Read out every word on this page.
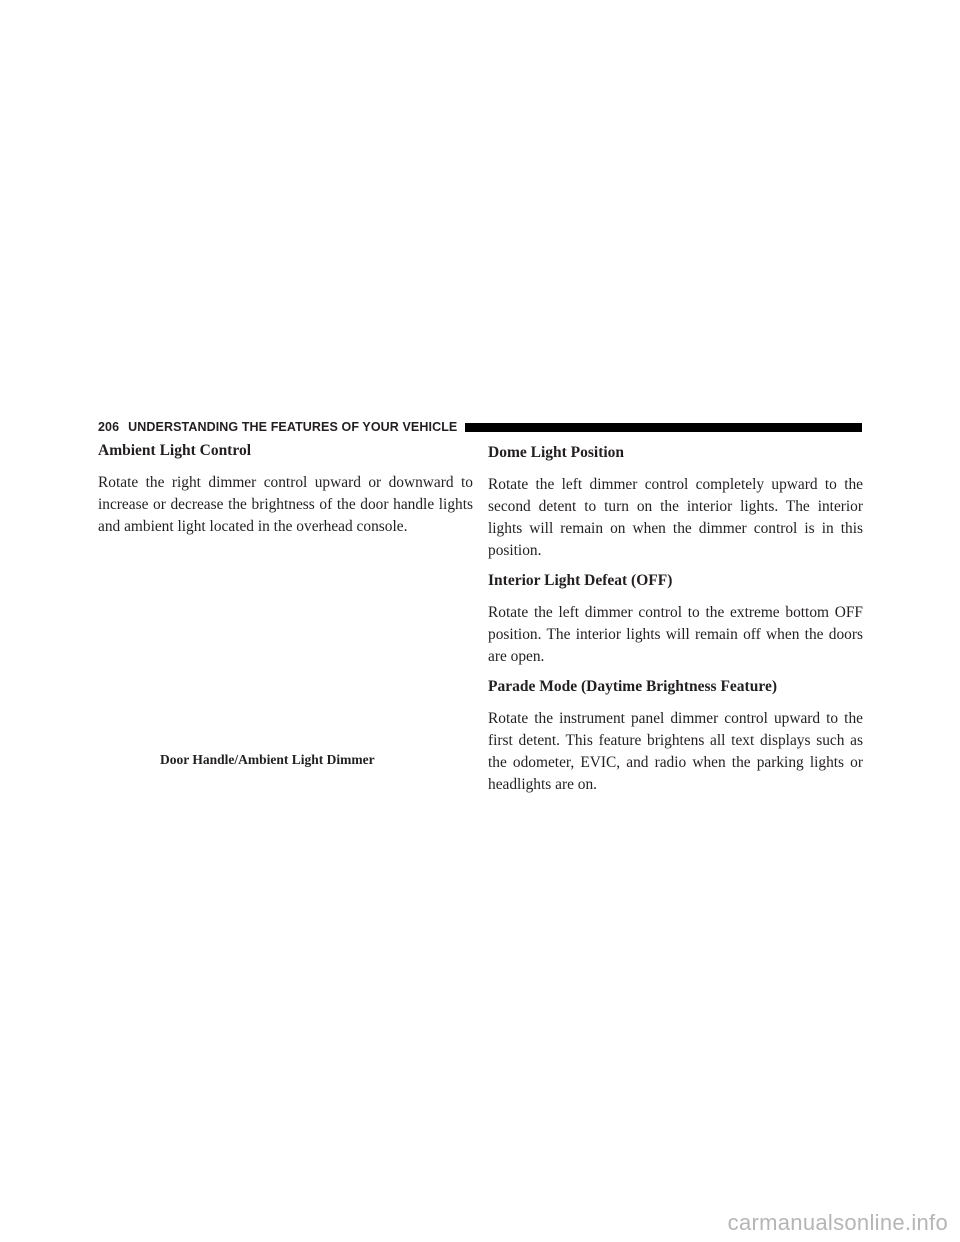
206 UNDERSTANDING THE FEATURES OF YOUR VEHICLE
Ambient Light Control

Rotate the right dimmer control upward or downward to increase or decrease the brightness of the door handle lights and ambient light located in the overhead console.

Door Handle/Ambient Light Dimmer
Dome Light Position

Rotate the left dimmer control completely upward to the second detent to turn on the interior lights. The interior lights will remain on when the dimmer control is in this position.

Interior Light Defeat (OFF)

Rotate the left dimmer control to the extreme bottom OFF position. The interior lights will remain off when the doors are open.

Parade Mode (Daytime Brightness Feature)

Rotate the instrument panel dimmer control upward to the first detent. This feature brightens all text displays such as the odometer, EVIC, and radio when the parking lights or headlights are on.

carmanualsonline.info
